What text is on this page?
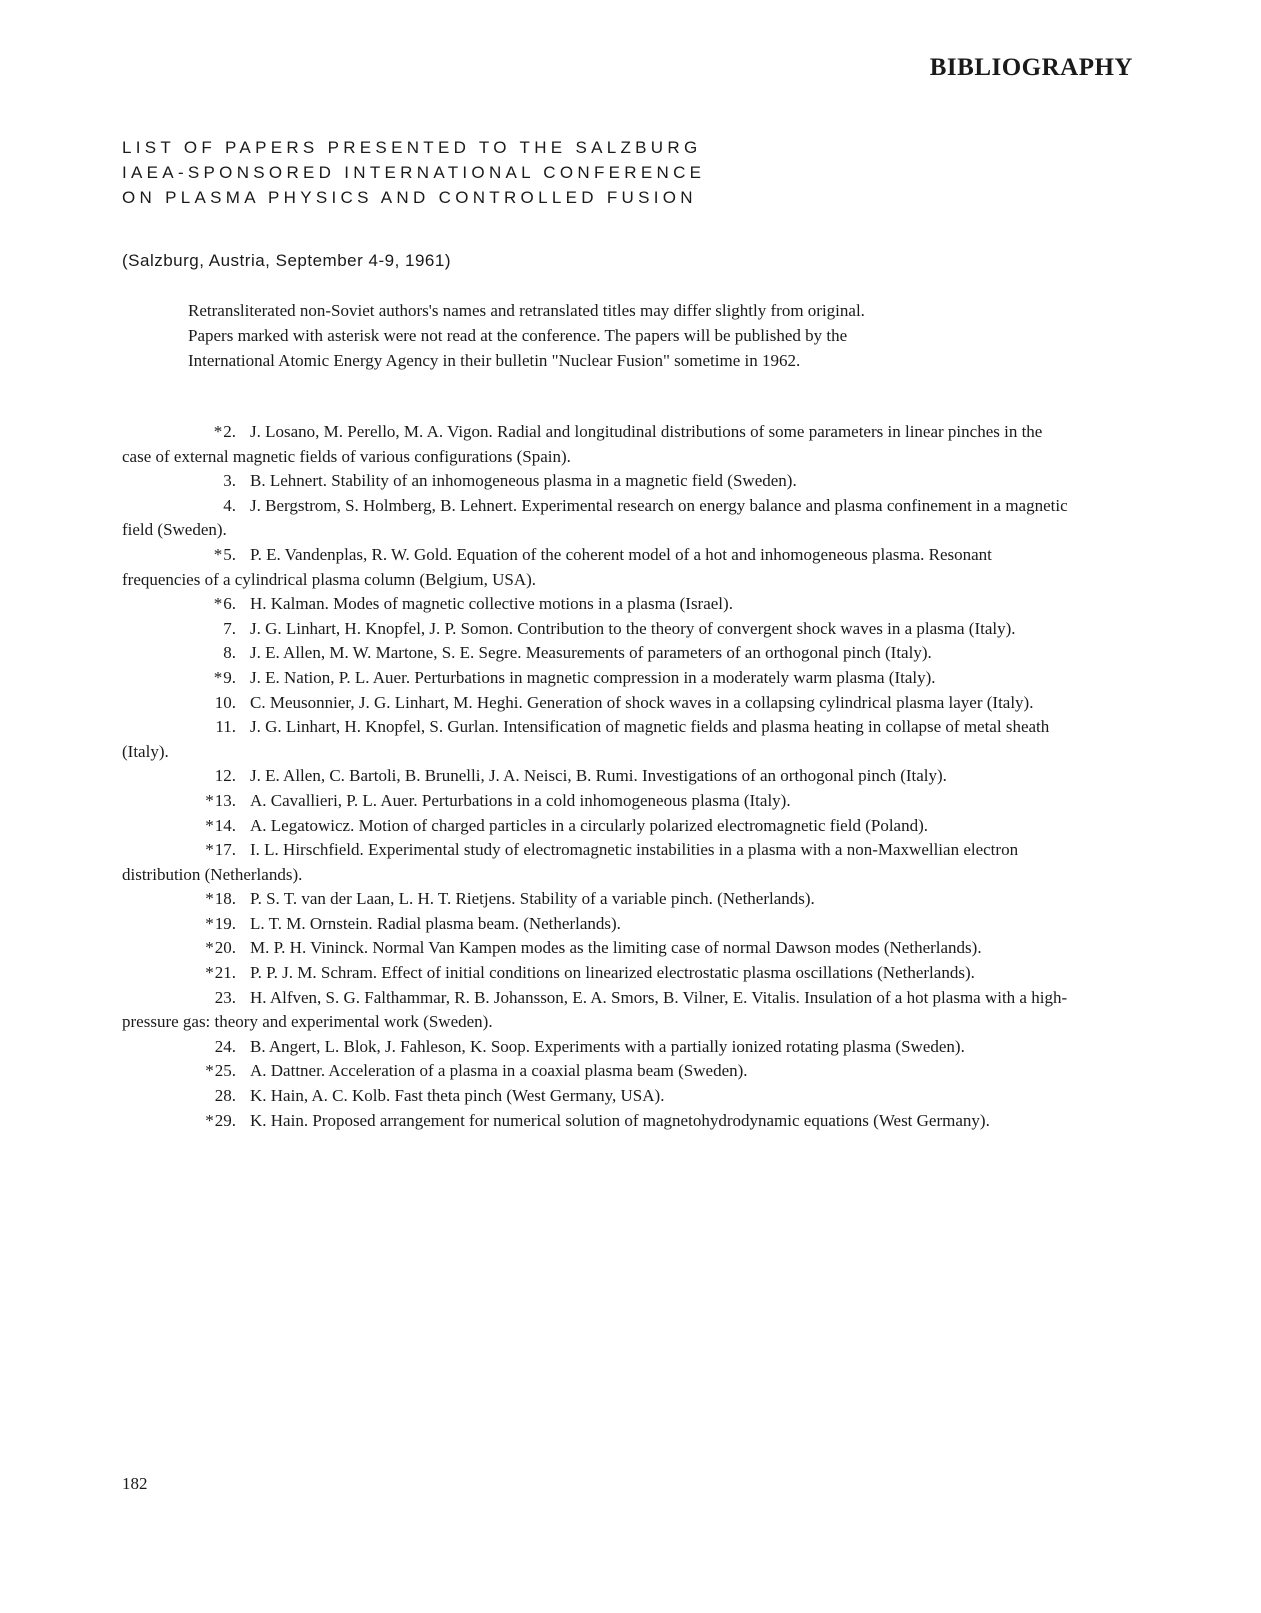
BIBLIOGRAPHY
LIST OF PAPERS PRESENTED TO THE SALZBURG
IAEA-SPONSORED INTERNATIONAL CONFERENCE
ON PLASMA PHYSICS AND CONTROLLED FUSION
(Salzburg, Austria, September 4-9, 1961)
Retransliterated non-Soviet authors's names and retranslated titles may differ slightly from original.
Papers marked with asterisk were not read at the conference. The papers will be published by the
International Atomic Energy Agency in their bulletin "Nuclear Fusion" sometime in 1962.

*2. J. Losano, M. Perello, M. A. Vigon. Radial and longitudinal distributions of some parameters in linear pinches in the case of external magnetic fields of various configurations (Spain).

3. B. Lehnert. Stability of an inhomogeneous plasma in a magnetic field (Sweden).

4. J. Bergstrom, S. Holmberg, B. Lehnert. Experimental research on energy balance and plasma confinement in a magnetic field (Sweden).

*5. P. E. Vandenplas, R. W. Gold. Equation of the coherent model of a hot and inhomogeneous plasma. Resonant frequencies of a cylindrical plasma column (Belgium, USA).

*6. H. Kalman. Modes of magnetic collective motions in a plasma (Israel).

7. J. G. Linhart, H. Knopfel, J. P. Somon. Contribution to the theory of convergent shock waves in a plasma (Italy).

8. J. E. Allen, M. W. Martone, S. E. Segre. Measurements of parameters of an orthogonal pinch (Italy).

*9. J. E. Nation, P. L. Auer. Perturbations in magnetic compression in a moderately warm plasma (Italy).

10. C. Meusonnier, J. G. Linhart, M. Heghi. Generation of shock waves in a collapsing cylindrical plasma layer (Italy).

11. J. G. Linhart, H. Knopfel, S. Gurlan. Intensification of magnetic fields and plasma heating in collapse of metal sheath (Italy).

12. J. E. Allen, C. Bartoli, B. Brunelli, J. A. Neisci, B. Rumi. Investigations of an orthogonal pinch (Italy).

*13. A. Cavallieri, P. L. Auer. Perturbations in a cold inhomogeneous plasma (Italy).

*14. A. Legatowicz. Motion of charged particles in a circularly polarized electromagnetic field (Poland).

*17. I. L. Hirschfield. Experimental study of electromagnetic instabilities in a plasma with a non-Maxwellian electron distribution (Netherlands).

*18. P. S. T. van der Laan, L. H. T. Rietjens. Stability of a variable pinch. (Netherlands).

*19. L. T. M. Ornstein. Radial plasma beam. (Netherlands).

*20. M. P. H. Vininck. Normal Van Kampen modes as the limiting case of normal Dawson modes (Netherlands).

*21. P. P. J. M. Schram. Effect of initial conditions on linearized electrostatic plasma oscillations (Netherlands).

23. H. Alfven, S. G. Falthammar, R. B. Johansson, E. A. Smors, B. Vilner, E. Vitalis. Insulation of a hot plasma with a high-pressure gas: theory and experimental work (Sweden).

24. B. Angert, L. Blok, J. Fahleson, K. Soop. Experiments with a partially ionized rotating plasma (Sweden).

*25. A. Dattner. Acceleration of a plasma in a coaxial plasma beam (Sweden).

28. K. Hain, A. C. Kolb. Fast theta pinch (West Germany, USA).

*29. K. Hain. Proposed arrangement for numerical solution of magnetohydrodynamic equations (West Germany).

182
